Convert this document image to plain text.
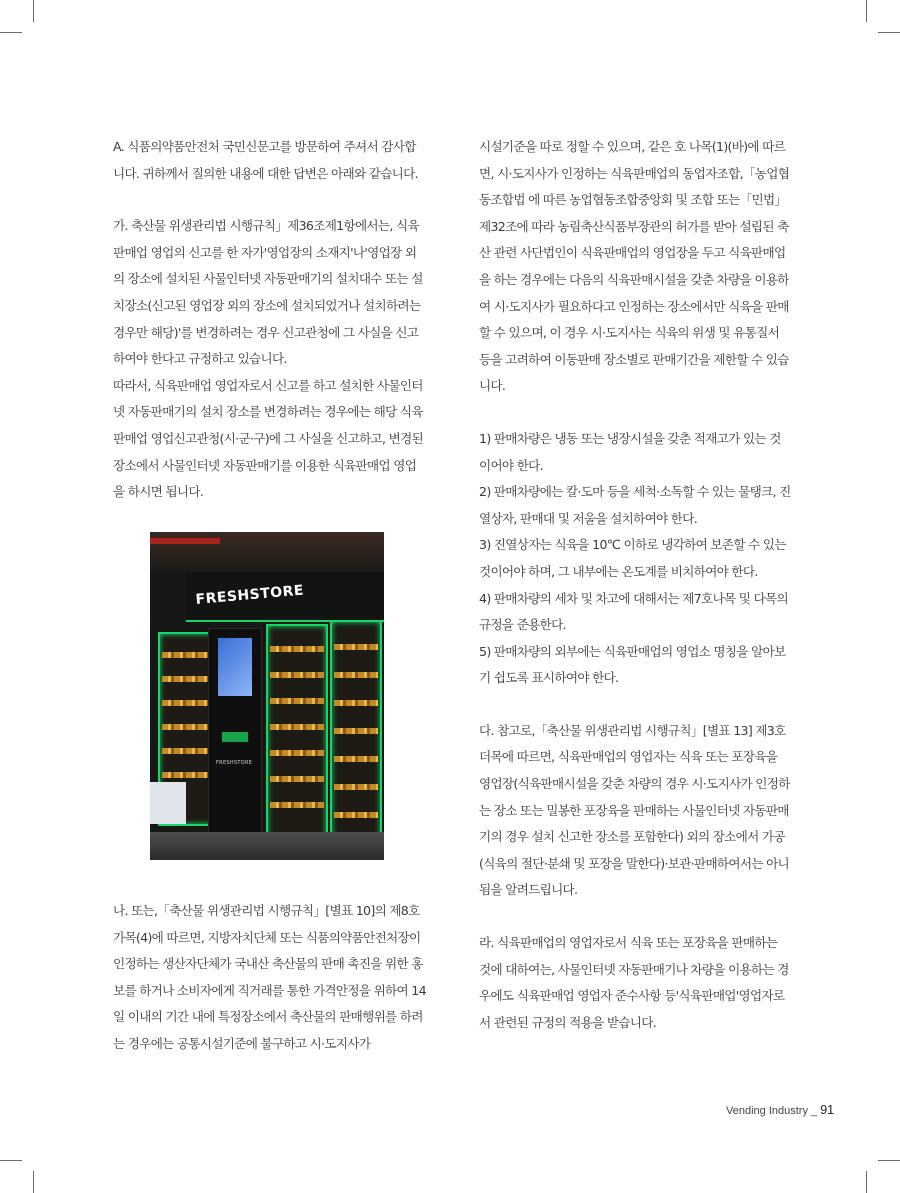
A. 식품의약품안전처 국민신문고를 방문하여 주셔서 감사합니다. 귀하께서 질의한 내용에 대한 답변은 아래와 같습니다.

가. 축산물 위생관리법 시행규칙」제36조제1항에서는, 식육판매업 영업의 신고를 한 자가'영업장의 소재지'나'영업장 외의 장소에 설치된 사물인터넷 자동판매기의 설치대수 또는 설치장소(신고된 영업장 외의 장소에 설치되었거나 설치하려는 경우만 해당)'를 변경하려는 경우 신고관청에 그 사실을 신고하여야 한다고 규정하고 있습니다.

따라서, 식육판매업 영업자로서 신고를 하고 설치한 사물인터넷 자동판매기의 설치 장소를 변경하려는 경우에는 해당 식육판매업 영업신고관청(시·군·구)에 그 사실을 신고하고, 변경된 장소에서 사물인터넷 자동판매기를 이용한 식육판매업 영업을 하시면 됩니다.

FRESHSTORE
FRESHSTORE

나. 또는,「축산물 위생관리법 시행규칙」[별표 10]의 제8호가목(4)에 따르면, 지방자치단체 또는 식품의약품안전처장이 인정하는 생산자단체가 국내산 축산물의 판매 촉진을 위한 홍보를 하거나 소비자에게 직거래를 통한 가격안정을 위하여 14일 이내의 기간 내에 특정장소에서 축산물의 판매행위를 하려는 경우에는 공통시설기준에 불구하고 시·도지사가

시설기준을 따로 정할 수 있으며, 같은 호 나목(1)(바)에 따르면, 시·도지사가 인정하는 식육판매업의 동업자조합,「농업협동조합법 에 따른 농업협동조합중앙회 및 조합 또는「민법」제32조에 따라 농림축산식품부장관의 허가를 받아 설립된 축산 관련 사단법인이 식육판매업의 영업장을 두고 식육판매업을 하는 경우에는 다음의 식육판매시설을 갖춘 차량을 이용하여 시·도지사가 필요하다고 인정하는 장소에서만 식육을 판매할 수 있으며, 이 경우 시·도지사는 식육의 위생 및 유통질서 등을 고려하여 이동판매 장소별로 판매기간을 제한할 수 있습니다.

1) 판매차량은 냉동 또는 냉장시설을 갖춘 적재고가 있는 것이어야 한다.

2) 판매차량에는 칼·도마 등을 세척·소독할 수 있는 물탱크, 진열상자, 판매대 및 저울을 설치하여야 한다.

3) 진열상자는 식육을 10℃ 이하로 냉각하여 보존할 수 있는 것이어야 하며, 그 내부에는 온도계를 비치하여야 한다.

4) 판매차량의 세차 및 차고에 대해서는 제7호나목 및 다목의 규정을 준용한다.

5) 판매차량의 외부에는 식육판매업의 영업소 명칭을 알아보기 쉽도록 표시하여야 한다.

다. 참고로,「축산물 위생관리법 시행규칙」[별표 13] 제3호더목에 따르면, 식육판매업의 영업자는 식육 또는 포장육을 영업장(식육판매시설을 갖춘 차량의 경우 시·도지사가 인정하는 장소 또는 밀봉한 포장육을 판매하는 사물인터넷 자동판매기의 경우 설치 신고한 장소를 포함한다) 외의 장소에서 가공(식육의 절단·분쇄 및 포장을 말한다)·보관·판매하여서는 아니 됨을 알려드립니다.

라. 식육판매업의 영업자로서 식육 또는 포장육을 판매하는 것에 대하여는, 사물인터넷 자동판매기나 차량을 이용하는 경우에도 식육판매업 영업자 준수사항 등'식육판매업'영업자로서 관련된 규정의 적용을 받습니다.

Vending Industry _ 91
